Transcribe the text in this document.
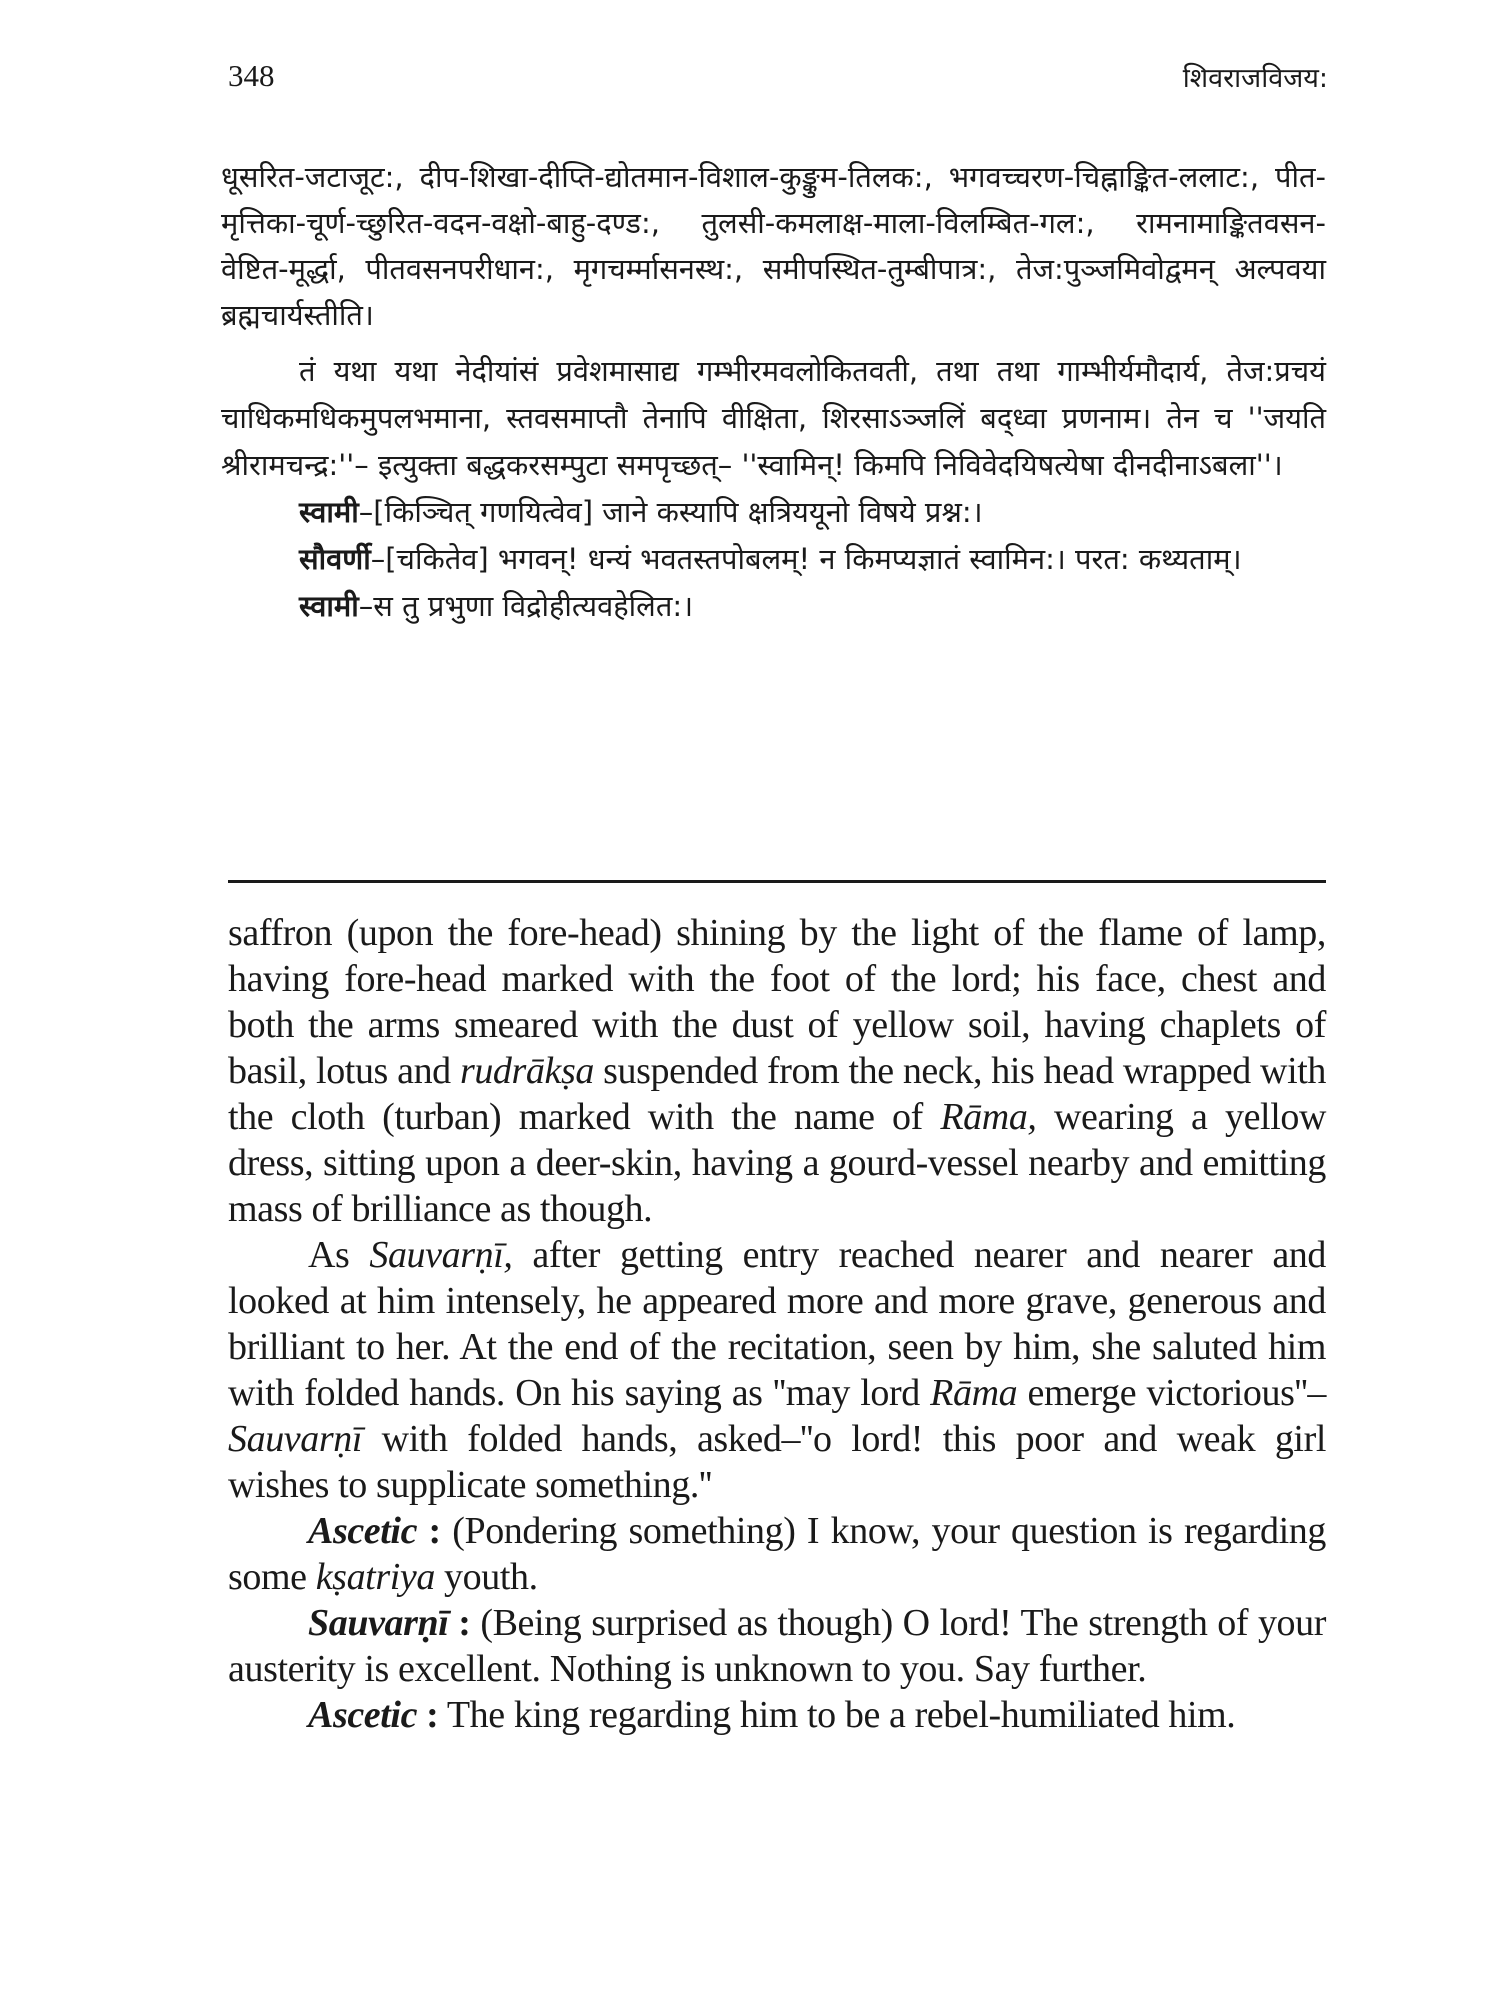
348	शिवराजविजय:

धूसरित-जटाजूट:, दीप-शिखा-दीप्ति-द्योतमान-विशाल-कुङ्कुम-तिलक:, भगवच्चरण-चिह्नाङ्कित-ललाट:, पीत-मृत्तिका-चूर्ण-च्छुरित-वदन-वक्षो-बाहु-दण्ड:, तुलसी-कमलाक्ष-माला-विलम्बित-गल:, रामनामाङ्कितवसन-वेष्टित-मूर्द्धा, पीतवसनपरीधान:, मृगचर्म्मासनस्थ:, समीपस्थित-तुम्बीपात्र:, तेज:पुञ्जमिवोद्वमन् अल्पवया ब्रह्मचार्यस्तीति।

तं यथा यथा नेदीयांसं प्रवेशमासाद्य गम्भीरमवलोकितवती, तथा तथा गाम्भीर्यमौदार्य, तेज:प्रचयं चाधिकमधिकमुपलभमाना, स्तवसमाप्तौ तेनापि वीक्षिता, शिरसाऽञ्जलिं बद्ध्वा प्रणनाम। तेन च ''जयति श्रीरामचन्द्र:''– इत्युक्ता बद्धकरसम्पुटा समपृच्छत्– ''स्वामिन्! किमपि निविवेदयिषत्येषा दीनदीनाऽबला''।

स्वामी–[किञ्चित् गणयित्वेव] जाने कस्यापि क्षत्रिययूनो विषये प्रश्न:।

सौवर्णी–[चकितेव] भगवन्! धन्यं भवतस्तपोबलम्! न किमप्यज्ञातं स्वामिन:। परत: कथ्यताम्।

स्वामी–स तु प्रभुणा विद्रोहीत्यवहेलित:।

saffron (upon the fore-head) shining by the light of the flame of lamp, having fore-head marked with the foot of the lord; his face, chest and both the arms smeared with the dust of yellow soil, having chaplets of basil, lotus and rudrākṣa suspended from the neck, his head wrapped with the cloth (turban) marked with the name of Rāma, wearing a yellow dress, sitting upon a deer-skin, having a gourd-vessel nearby and emitting mass of brilliance as though.

As Sauvarṇī, after getting entry reached nearer and nearer and looked at him intensely, he appeared more and more grave, generous and brilliant to her. At the end of the recitation, seen by him, she saluted him with folded hands. On his saying as ''may lord Rāma emerge victorious''– Sauvarṇī with folded hands, asked–''o lord! this poor and weak girl wishes to supplicate something.''

Ascetic : (Pondering something) I know, your question is regarding some kṣatriya youth.

Sauvarṇī : (Being surprised as though) O lord! The strength of your austerity is excellent. Nothing is unknown to you. Say further.

Ascetic : The king regarding him to be a rebel-humiliated him.
